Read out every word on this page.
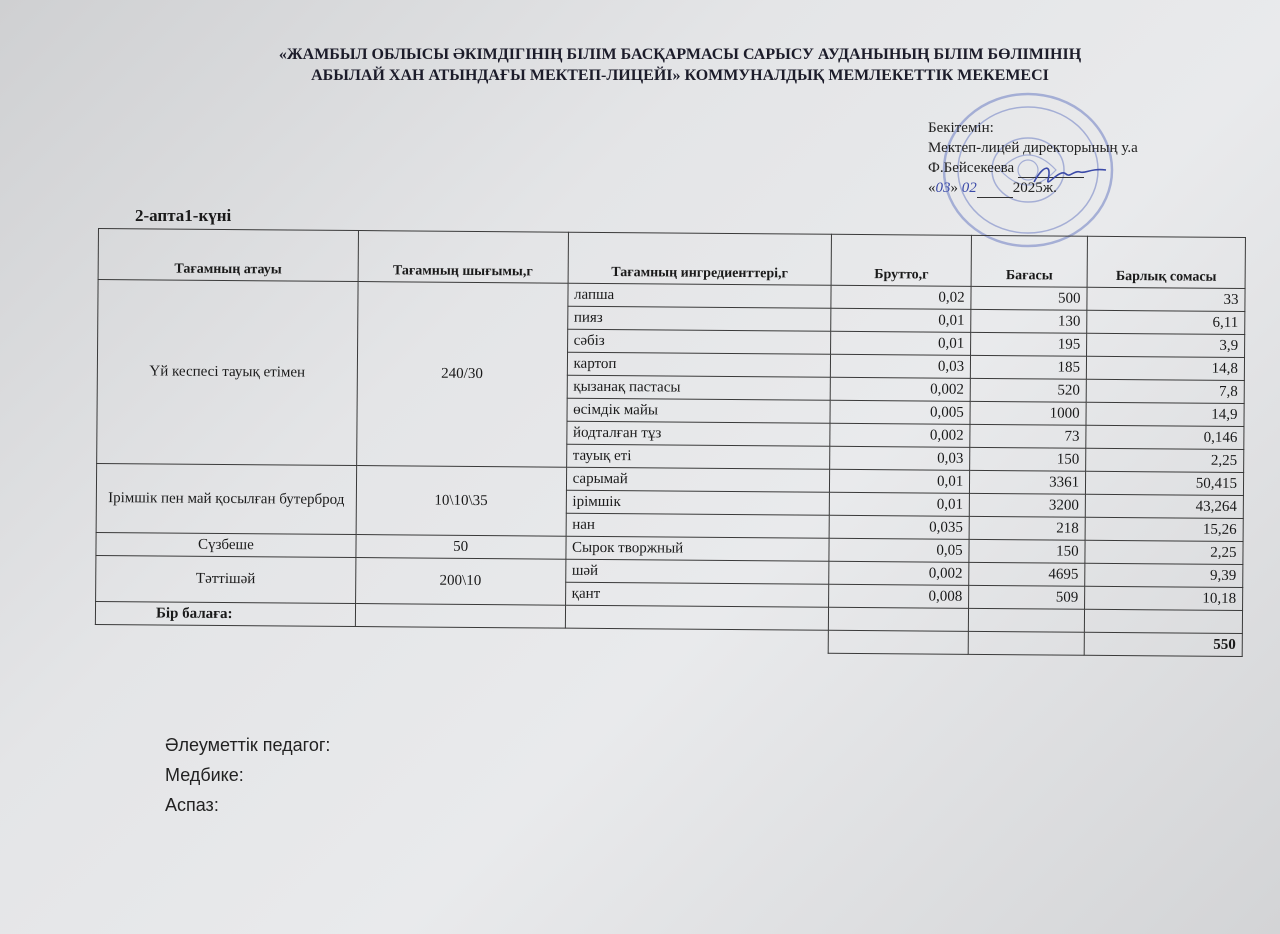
«ЖАМБЫЛ ОБЛЫСЫ ӘКІМДІГІНІҢ БІЛІМ БАСҚАРМАСЫ САРЫСУ АУДАНЫНЫҢ БІЛІМ БӨЛІМІНІҢ
АБЫЛАЙ ХАН АТЫНДАҒЫ МЕКТЕП-ЛИЦЕЙІ» КОММУНАЛДЫҚ МЕМЛЕКЕТТІК МЕКЕМЕСІ
Бекітемін:
Мектеп-лицей директорының у.а
Ф.Бейсекеева
«03» 02 2025ж.
2-апта1-күні
Тағамның атауы	Тағамның шығымы,г	Тағамның ингредиенттері,г	Брутто,г	Бағасы	Барлық сомасы
Үй кеспесі тауық етімен	240/30	лапша	0,02	500	33
		пияз	0,01	130	6,11
		сәбіз	0,01	195	3,9
		картоп	0,03	185	14,8
		қызанақ пастасы	0,002	520	7,8
		өсімдік майы	0,005	1000	14,9
		йодталған тұз	0,002	73	0,146
		тауық еті	0,03	150	2,25
Ірімшік пен май қосылған бутерброд	10\10\35	сарымай	0,01	3361	50,415
		ірімшік	0,01	3200	43,264
		нан	0,035	218	15,26
Сүзбеше	50	Сырок творжный	0,05	150	2,25
Тәттішәй	200\10	шәй	0,002	4695	9,39
		қант	0,008	509	10,18
Бір балаға:					
					550
Әлеуметтік педагог:
Медбике:
Аспаз:
